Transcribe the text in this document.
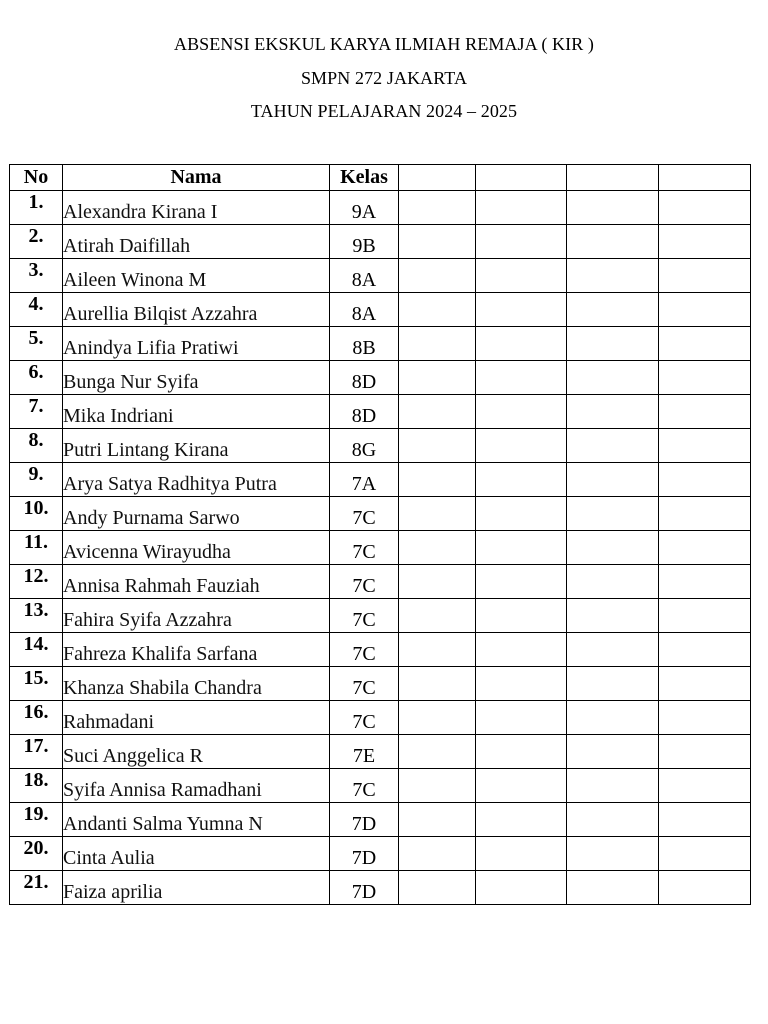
ABSENSI EKSKUL KARYA ILMIAH REMAJA ( KIR )
SMPN 272 JAKARTA
TAHUN PELAJARAN 2024 – 2025
No	Nama	Kelas				
1.	Alexandra Kirana I	9A				
2.	Atirah Daifillah	9B				
3.	Aileen Winona M	8A				
4.	Aurellia Bilqist Azzahra	8A				
5.	Anindya Lifia Pratiwi	8B				
6.	Bunga Nur Syifa	8D				
7.	Mika Indriani	8D				
8.	Putri Lintang Kirana	8G				
9.	Arya Satya Radhitya Putra	7A				
10.	Andy Purnama Sarwo	7C				
11.	Avicenna Wirayudha	7C				
12.	Annisa Rahmah Fauziah	7C				
13.	Fahira Syifa Azzahra	7C				
14.	Fahreza Khalifa Sarfana	7C				
15.	Khanza Shabila Chandra	7C				
16.	Rahmadani	7C				
17.	Suci Anggelica R	7E				
18.	Syifa Annisa Ramadhani	7C				
19.	Andanti Salma Yumna N	7D				
20.	Cinta Aulia	7D				
21.	Faiza aprilia	7D				
